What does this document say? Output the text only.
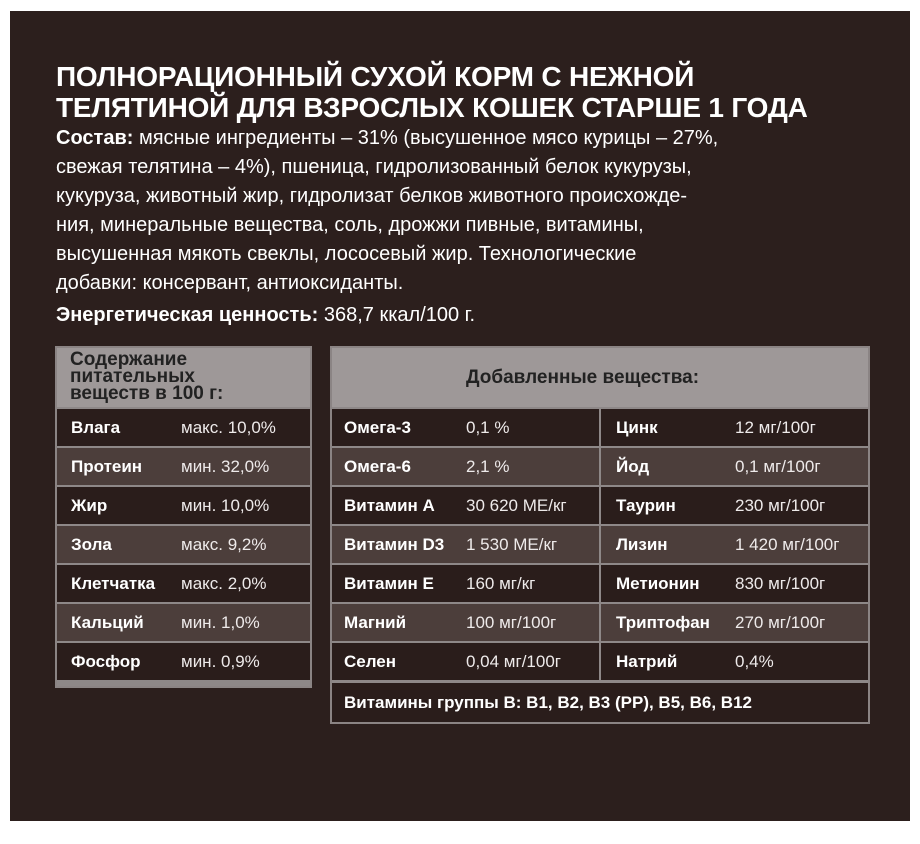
ПОЛНОРАЦИОННЫЙ СУХОЙ КОРМ С НЕЖНОЙ
ТЕЛЯТИНОЙ ДЛЯ ВЗРОСЛЫХ КОШЕК СТАРШЕ 1 ГОДА
Состав: мясные ингредиенты – 31% (высушенное мясо курицы – 27%,
свежая телятина – 4%), пшеница, гидролизованный белок кукурузы,
кукуруза, животный жир, гидролизат белков животного происхожде-
ния, минеральные вещества, соль, дрожжи пивные, витамины,
высушенная мякоть свеклы, лососевый жир. Технологические
добавки: консервант, антиоксиданты.
Энергетическая ценность: 368,7 ккал/100 г.
Содержание
питательных
веществ в 100 г:
Влага	макс. 10,0%
Протеин мин. 32,0%
Жир	мин. 10,0%
Зола	макс. 9,2%
Клетчатка макс. 2,0%
Кальций мин. 1,0%
Фосфор мин. 0,9%
Добавленные вещества:
Омега-3	0,1 %	Цинк	12 мг/100г
Омега-6	2,1 %	Йод	0,1 мг/100г
Витамин А 30 620 МЕ/кг	Таурин	230 мг/100г
Витамин D3 1 530 МЕ/кг	Лизин	1 420 мг/100г
Витамин Е 160 мг/кг	Метионин 830 мг/100г
Магний	100 мг/100г	Триптофан 270 мг/100г
Селен	0,04 мг/100г	Натрий	0,4%
Витамины группы В: В1, В2, В3 (РР), В5, В6, В12
